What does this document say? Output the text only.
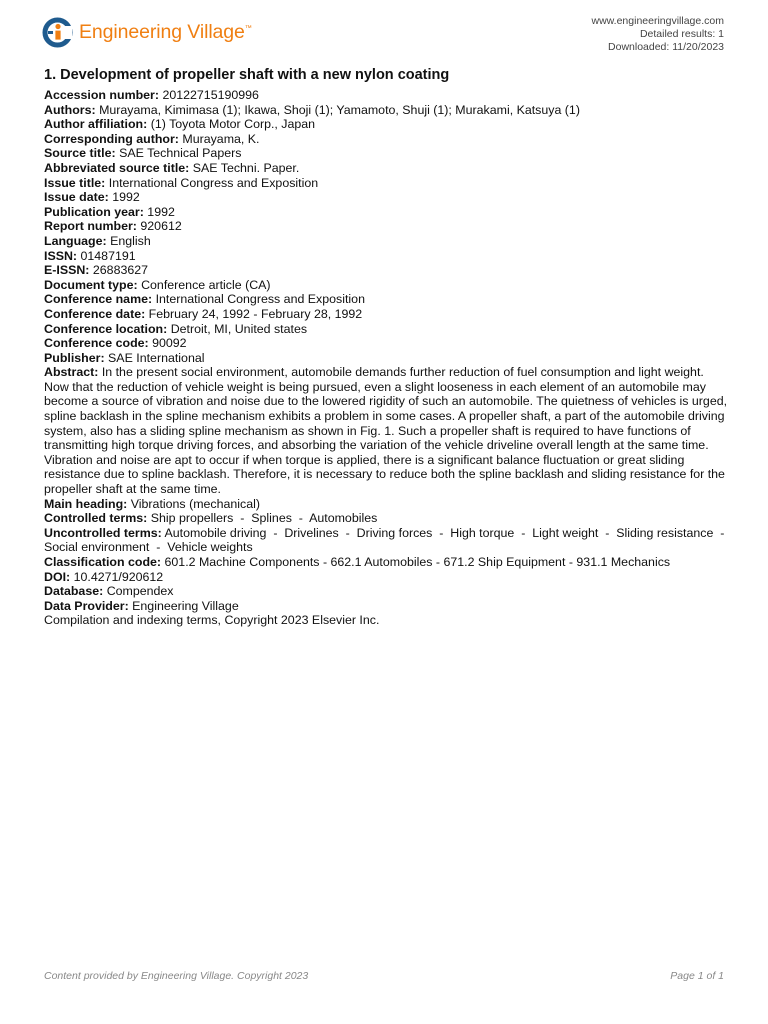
Engineering Village™
www.engineeringvillage.com
Detailed results: 1
Downloaded: 11/20/2023
1. Development of propeller shaft with a new nylon coating
Accession number: 20122715190996
Authors: Murayama, Kimimasa (1); Ikawa, Shoji (1); Yamamoto, Shuji (1); Murakami, Katsuya (1)
Author affiliation: (1) Toyota Motor Corp., Japan
Corresponding author: Murayama, K.
Source title: SAE Technical Papers
Abbreviated source title: SAE Techni. Paper.
Issue title: International Congress and Exposition
Issue date: 1992
Publication year: 1992
Report number: 920612
Language: English
ISSN: 01487191
E-ISSN: 26883627
Document type: Conference article (CA)
Conference name: International Congress and Exposition
Conference date: February 24, 1992 - February 28, 1992
Conference location: Detroit, MI, United states
Conference code: 90092
Publisher: SAE International
Abstract: In the present social environment, automobile demands further reduction of fuel consumption and light weight. Now that the reduction of vehicle weight is being pursued, even a slight looseness in each element of an automobile may become a source of vibration and noise due to the lowered rigidity of such an automobile. The quietness of vehicles is urged, spline backlash in the spline mechanism exhibits a problem in some cases. A propeller shaft, a part of the automobile driving system, also has a sliding spline mechanism as shown in Fig. 1. Such a propeller shaft is required to have functions of transmitting high torque driving forces, and absorbing the variation of the vehicle driveline overall length at the same time. Vibration and noise are apt to occur if when torque is applied, there is a significant balance fluctuation or great sliding resistance due to spline backlash. Therefore, it is necessary to reduce both the spline backlash and sliding resistance for the propeller shaft at the same time.
Main heading: Vibrations (mechanical)
Controlled terms: Ship propellers  -  Splines  -  Automobiles
Uncontrolled terms: Automobile driving  -  Drivelines  -  Driving forces  -  High torque  -  Light weight  -  Sliding resistance  -  Social environment  -  Vehicle weights
Classification code: 601.2 Machine Components - 662.1 Automobiles - 671.2 Ship Equipment - 931.1 Mechanics
DOI: 10.4271/920612
Database: Compendex
Data Provider: Engineering Village
Compilation and indexing terms, Copyright 2023 Elsevier Inc.
Content provided by Engineering Village. Copyright 2023	Page 1 of 1
